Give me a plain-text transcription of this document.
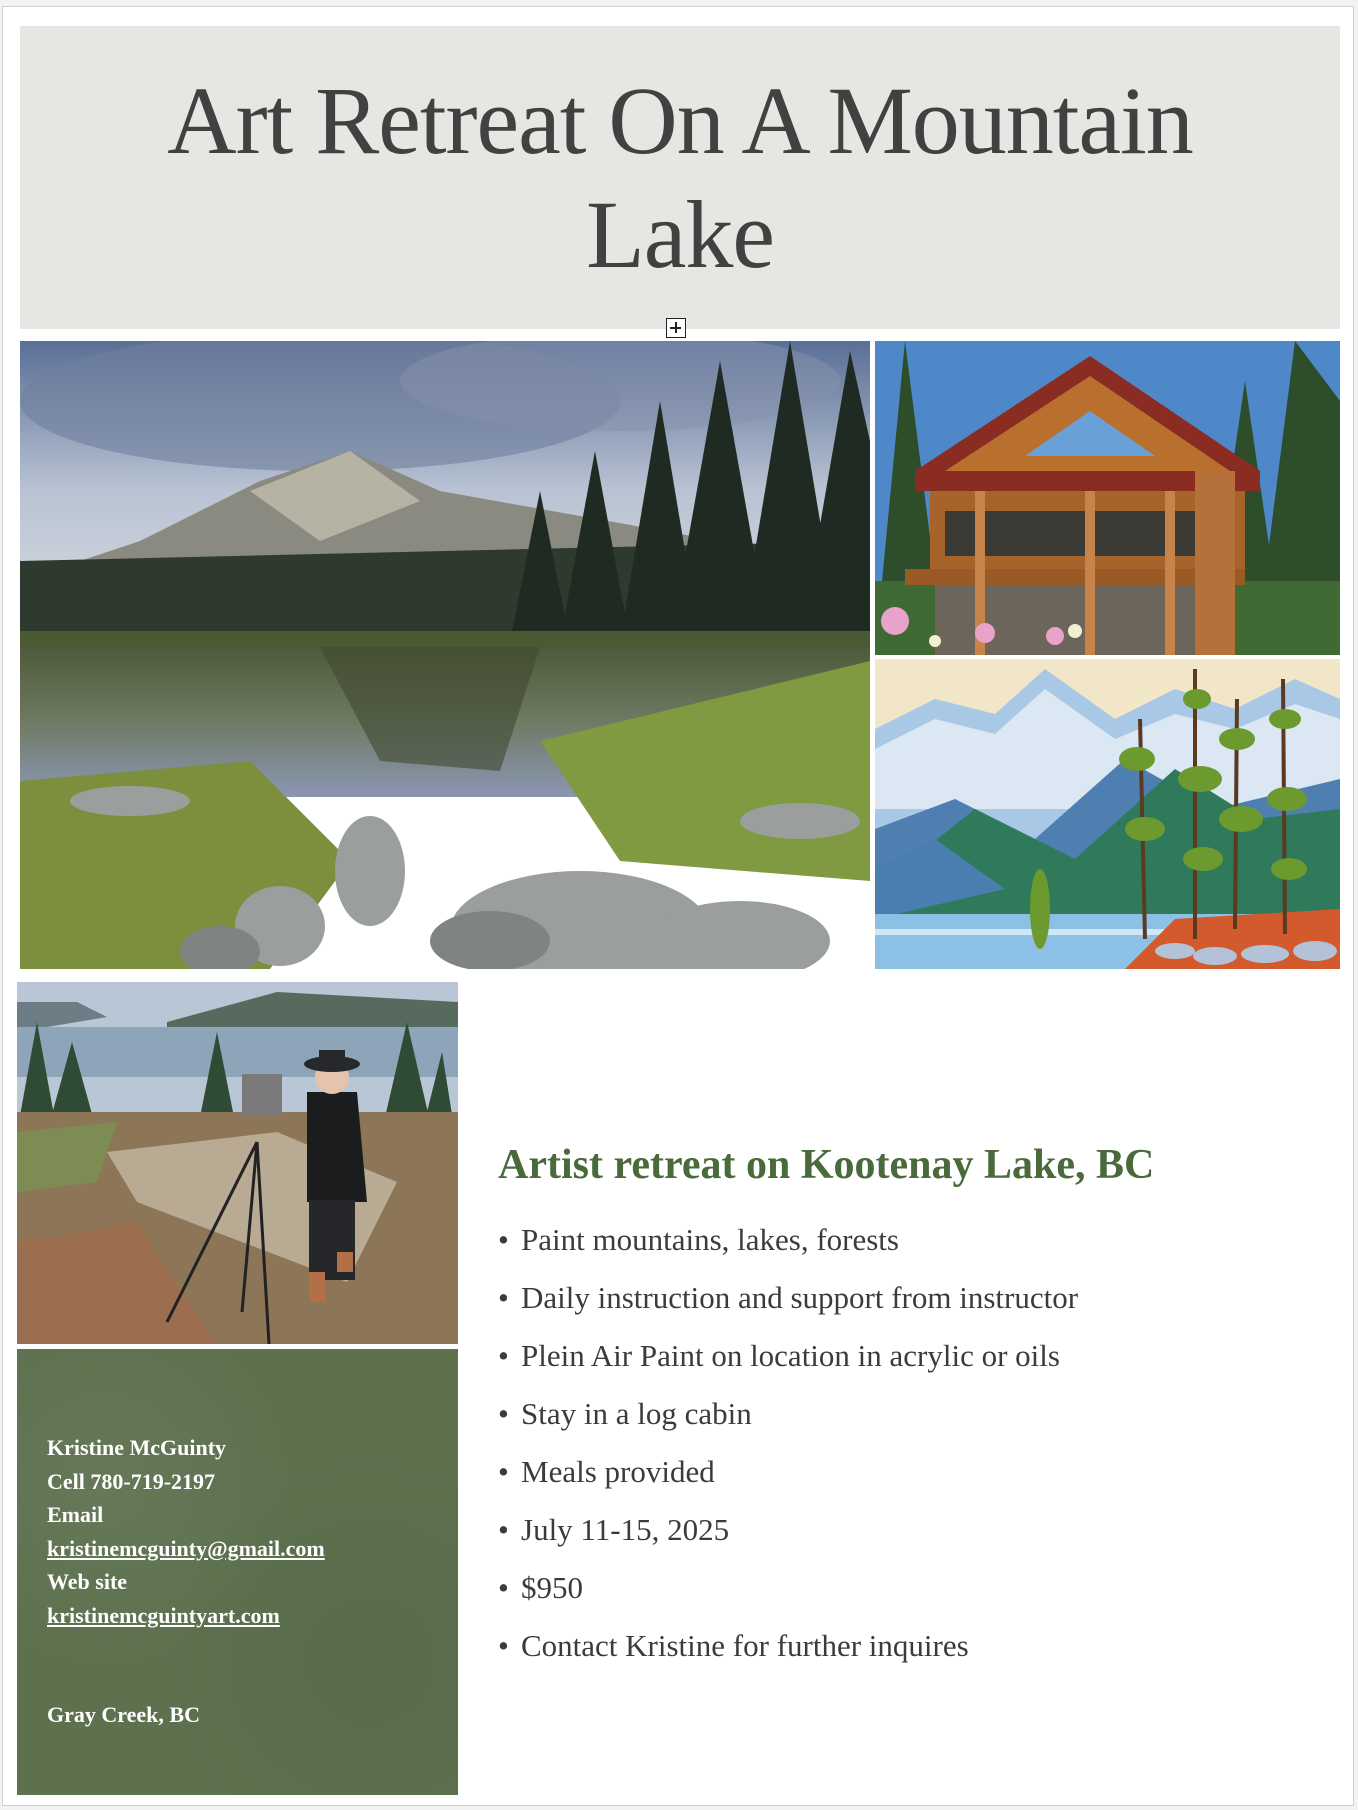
Art Retreat On A Mountain Lake
Kristine McGuinty
Cell 780-719-2197
Email
kristinemcguinty@gmail.com
Web site
kristinemcguintyart.com
Gray Creek, BC
Artist retreat on Kootenay Lake, BC
• Paint mountains, lakes, forests
• Daily instruction and support from instructor
• Plein Air Paint on location in acrylic or oils
• Stay in a log cabin
• Meals provided
• July 11-15, 2025
• $950
• Contact Kristine for further inquires
